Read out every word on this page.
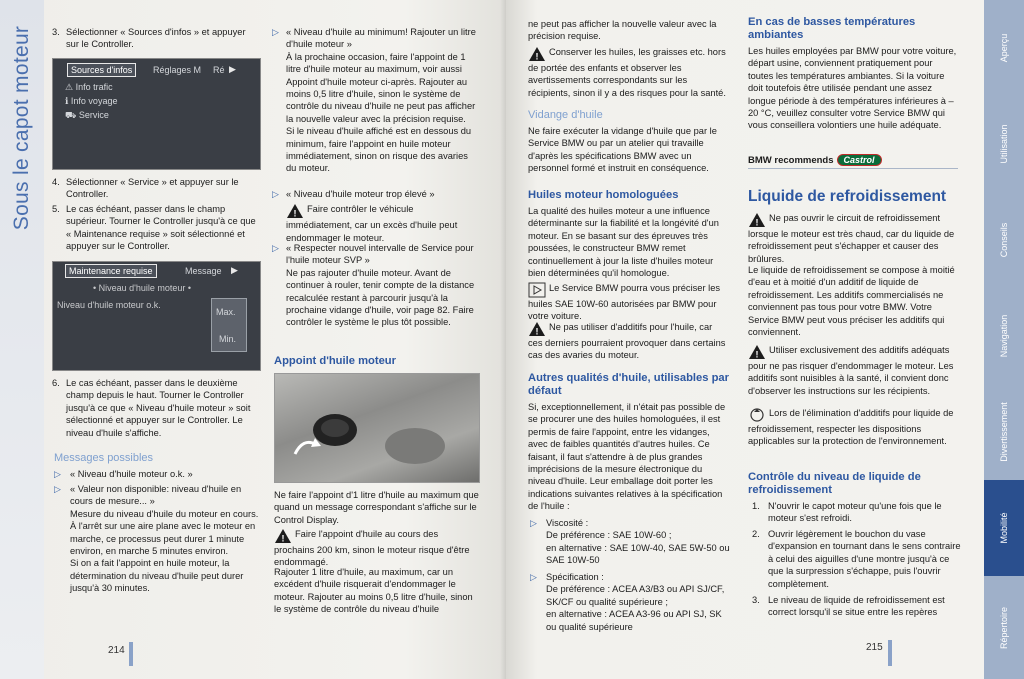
Sous le capot moteur 3. Sélectionner « Sources d'infos » et appuyer sur le Controller.
Sources d'infos	Réglages M Ré ▶
⚠ Info trafic
ℹ Info voyage
⛟ Service
4. Sélectionner « Service » et appuyer sur le Controller.
5. Le cas échéant, passer dans le champ supérieur. Tourner le Controller jusqu'à ce que « Maintenance requise » soit sélectionné et appuyer sur le Controller.
Maintenance requise	Message ▶
• Niveau d'huile moteur •
Niveau d'huile moteur o.k.
Max.
Min.
6. Le cas échéant, passer dans le deuxième champ depuis le haut. Tourner le Controller jusqu'à ce que « Niveau d'huile moteur » soit sélectionné et appuyer sur le Controller. Le niveau d'huile s'affiche.
Messages possibles
▷ « Niveau d'huile moteur o.k. »
▷ « Valeur non disponible: niveau d'huile en cours de mesure... »
Mesure du niveau d'huile du moteur en cours. À l'arrêt sur une aire plane avec le moteur en marche, ce processus peut durer 1 minute environ, en marche 5 minutes environ.
Si on a fait l'appoint en huile moteur, la détermination du niveau d'huile peut durer jusqu'à 30 minutes.
214
▷ « Niveau d'huile au minimum! Rajouter un litre d'huile moteur »
À la prochaine occasion, faire l'appoint de 1 litre d'huile moteur au maximum, voir aussi Appoint d'huile moteur ci-après. Rajouter au moins 0,5 litre d'huile, sinon le système de contrôle du niveau d'huile ne peut pas afficher la nouvelle valeur avec la précision requise.
Si le niveau d'huile affiché est en dessous du minimum, faire l'appoint en huile moteur immédiatement, sinon on risque des avaries du moteur.
▷ « Niveau d'huile moteur trop élevé »
! Faire contrôler le véhicule immédiatement, car un excès d'huile peut endommager le moteur.
▷ « Respecter nouvel intervalle de Service pour l'huile moteur SVP »
Ne pas rajouter d'huile moteur. Avant de continuer à rouler, tenir compte de la distance recalculée restant à parcourir jusqu'à la prochaine vidange d'huile, voir page 82. Faire contrôler le système le plus tôt possible.
Appoint d'huile moteur
Ne faire l'appoint d'1 litre d'huile au maximum que quand un message correspondant s'affiche sur le Control Display.
! Faire l'appoint d'huile au cours des prochains 200 km, sinon le moteur risque d'être endommagé.
Rajouter 1 litre d'huile, au maximum, car un excédent d'huile risquerait d'endommager le moteur. Rajouter au moins 0,5 litre d'huile, sinon le système de contrôle du niveau d'huile
ne peut pas afficher la nouvelle valeur avec la précision requise.
! Conserver les huiles, les graisses etc. hors de portée des enfants et observer les avertissements correspondants sur les récipients, sinon il y a des risques pour la santé.
Vidange d'huile
Ne faire exécuter la vidange d'huile que par le Service BMW ou par un atelier qui travaille d'après les spécifications BMW avec un personnel formé et instruit en conséquence.
Huiles moteur homologuées
La qualité des huiles moteur a une influence déterminante sur la fiabilité et la longévité d'un moteur. En se basant sur des épreuves très poussées, le constructeur BMW remet continuellement à jour la liste d'huiles moteur bien déterminées qu'il homologue.
Le Service BMW pourra vous préciser les huiles SAE 10W-60 autorisées par BMW pour votre voiture.
! Ne pas utiliser d'additifs pour l'huile, car ces derniers pourraient provoquer dans certains cas des avaries du moteur.
Autres qualités d'huile, utilisables par défaut
Si, exceptionnellement, il n'était pas possible de se procurer une des huiles homologuées, il est permis de faire l'appoint, entre les vidanges, avec de faibles quantités d'autres huiles. Ce faisant, il faut s'attendre à de plus grandes imprécisions de la mesure électronique du niveau d'huile. Leur emballage doit porter les indications suivantes relatives à la spécification de l'huile :
▷ Viscosité :
De préférence : SAE 10W-60 ;
en alternative : SAE 10W-40, SAE 5W-50 ou SAE 10W-50
▷ Spécification :
De préférence : ACEA A3/B3 ou API SJ/CF, SK/CF ou qualité supérieure ;
en alternative : ACEA A3-96 ou API SJ, SK ou qualité supérieure
En cas de basses températures ambiantes
Les huiles employées par BMW pour votre voiture, départ usine, conviennent pratiquement pour toutes les températures ambiantes. Si la voiture doit toutefois être utilisée pendant une assez longue période à des températures inférieures à –20 °C, veuillez consulter votre Service BMW qui vous conseillera volontiers une huile adéquate.
BMW recommends Castrol
Liquide de refroidissement
! Ne pas ouvrir le circuit de refroidissement lorsque le moteur est très chaud, car du liquide de refroidissement peut s'échapper et causer des brûlures.
Le liquide de refroidissement se compose à moitié d'eau et à moitié d'un additif de liquide de refroidissement. Les additifs commercialisés ne conviennent pas tous pour votre BMW. Votre Service BMW peut vous préciser les additifs qui conviennent.
! Utiliser exclusivement des additifs adéquats pour ne pas risquer d'endommager le moteur. Les additifs sont nuisibles à la santé, il convient donc d'observer les instructions sur les récipients.
Lors de l'élimination d'additifs pour liquide de refroidissement, respecter les dispositions applicables sur la protection de l'environnement.
Contrôle du niveau de liquide de refroidissement
1. N'ouvrir le capot moteur qu'une fois que le moteur s'est refroidi.
2. Ouvrir légèrement le bouchon du vase d'expansion en tournant dans le sens contraire à celui des aiguilles d'une montre jusqu'à ce que la surpression s'échappe, puis l'ouvrir complètement.
3. Le niveau de liquide de refroidissement est correct lorsqu'il se situe entre les repères
215
Aperçu
Utilisation
Conseils
Navigation
Divertissement
Mobilité
Répertoire
